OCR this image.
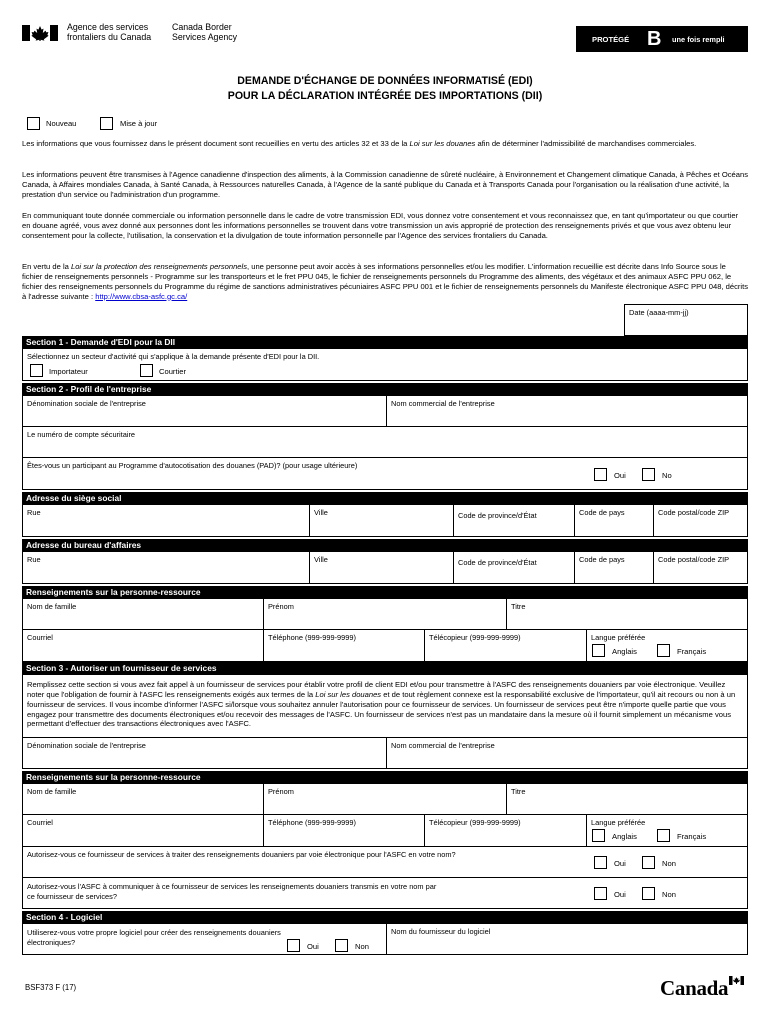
Agence des services
frontaliers du Canada
Canada Border
Services Agency	PROTÉGÉ B une fois rempli
DEMANDE D'ÉCHANGE DE DONNÉES INFORMATISÉ (EDI)
POUR LA DÉCLARATION INTÉGRÉE DES IMPORTATIONS (DII)
Nouveau	Mise à jour
Les informations que vous fournissez dans le présent document sont recueillies en vertu des articles 32 et 33 de la Loi sur les douanes afin de déterminer l'admissibilité de marchandises commerciales.
Les informations peuvent être transmises à l'Agence canadienne d'inspection des aliments, à la Commission canadienne de sûreté nucléaire, à Environnement et Changement climatique Canada, à Pêches et Océans Canada, à Affaires mondiales Canada, à Santé Canada, à Ressources naturelles Canada, à l'Agence de la santé publique du Canada et à Transports Canada pour l'organisation ou la réalisation d'une activité, la prestation d'un service ou l'administration d'un programme.
En communiquant toute donnée commerciale ou information personnelle dans le cadre de votre transmission EDI, vous donnez votre consentement et vous reconnaissez que, en tant qu'importateur ou que courtier en douane agréé, vous avez donné aux personnes dont les informations personnelles se trouvent dans votre transmission un avis approprié de protection des renseignements privés et que vous avez obtenu leur consentement pour la collecte, l'utilisation, la conservation et la divulgation de toute information personnelle par l'Agence des services frontaliers du Canada.
En vertu de la Loi sur la protection des renseignements personnels, une personne peut avoir accès à ses informations personnelles et/ou les modifier. L'information recueillie est décrite dans Info Source sous le fichier de renseignements personnels - Programme sur les transporteurs et le fret PPU 045, le fichier de renseignements personnels du Programme des aliments, des végétaux et des animaux ASFC PPU 062, le fichier des renseignements personnels du Programme du régime de sanctions administratives pécuniaires ASFC PPU 001 et le fichier de renseignements personnels du Manifeste électronique ASFC PPU 048, décrits à l'adresse suivante : http://www.cbsa-asfc.gc.ca/
Date (aaaa-mm-jj)
Section 1 - Demande d'EDI pour la DII
Sélectionnez un secteur d'activité qui s'applique à la demande présente d'EDI pour la DII.
Importateur	Courtier
Section 2 - Profil de l'entreprise
Dénomination sociale de l'entreprise	Nom commercial de l'entreprise
Le numéro de compte sécuritaire
Êtes-vous un participant au Programme d'autocotisation des douanes (PAD)? (pour usage ultérieure)
Oui	No
Adresse du siège social
Rue	Ville	Code de province/d'État	Code de pays	Code postal/code ZIP
Adresse du bureau d'affaires
Rue	Ville	Code de province/d'État	Code de pays	Code postal/code ZIP
Renseignements sur la personne-ressource
Nom de famille	Prénom	Titre
Courriel	Téléphone (999-999-9999)	Télécopieur (999-999-9999)	Langue préférée
Anglais	Français
Section 3 - Autoriser un fournisseur de services
Remplissez cette section si vous avez fait appel à un fournisseur de services pour établir votre profil de client EDI et/ou pour transmettre à l'ASFC des renseignements douaniers par voie électronique. Veuillez noter que l'obligation de fournir à l'ASFC les renseignements exigés aux termes de la Loi sur les douanes et de tout règlement connexe est la responsabilité exclusive de l'importateur, qu'il ait recours ou non à un fournisseur de services. Il vous incombe d'informer l'ASFC si/lorsque vous souhaitez annuler l'autorisation pour ce fournisseur de services. Un fournisseur de services peut être n'importe quelle partie que vous engagez pour transmettre des documents électroniques et/ou recevoir des messages de l'ASFC. Un fournisseur de services n'est pas un mandataire dans la mesure où il fournit simplement un mécanisme vous permettant d'effectuer des transactions électroniques avec l'ASFC.
Dénomination sociale de l'entreprise	Nom commercial de l'entreprise
Renseignements sur la personne-ressource
Nom de famille	Prénom	Titre
Courriel	Téléphone (999-999-9999)	Télécopieur (999-999-9999)	Langue préférée
Anglais	Français
Autorisez-vous ce fournisseur de services à traiter des renseignements douaniers par voie électronique pour l'ASFC en votre nom?
Oui	Non
Autorisez-vous l'ASFC à communiquer à ce fournisseur de services les renseignements douaniers transmis en votre nom par
ce fournisseur de services?	Oui	Non
Section 4 - Logiciel
Utiliserez-vous votre propre logiciel pour créer des renseignements douaniers
électroniques?	Oui	Non
Nom du fournisseur du logiciel
BSF373 F (17)	Canada
